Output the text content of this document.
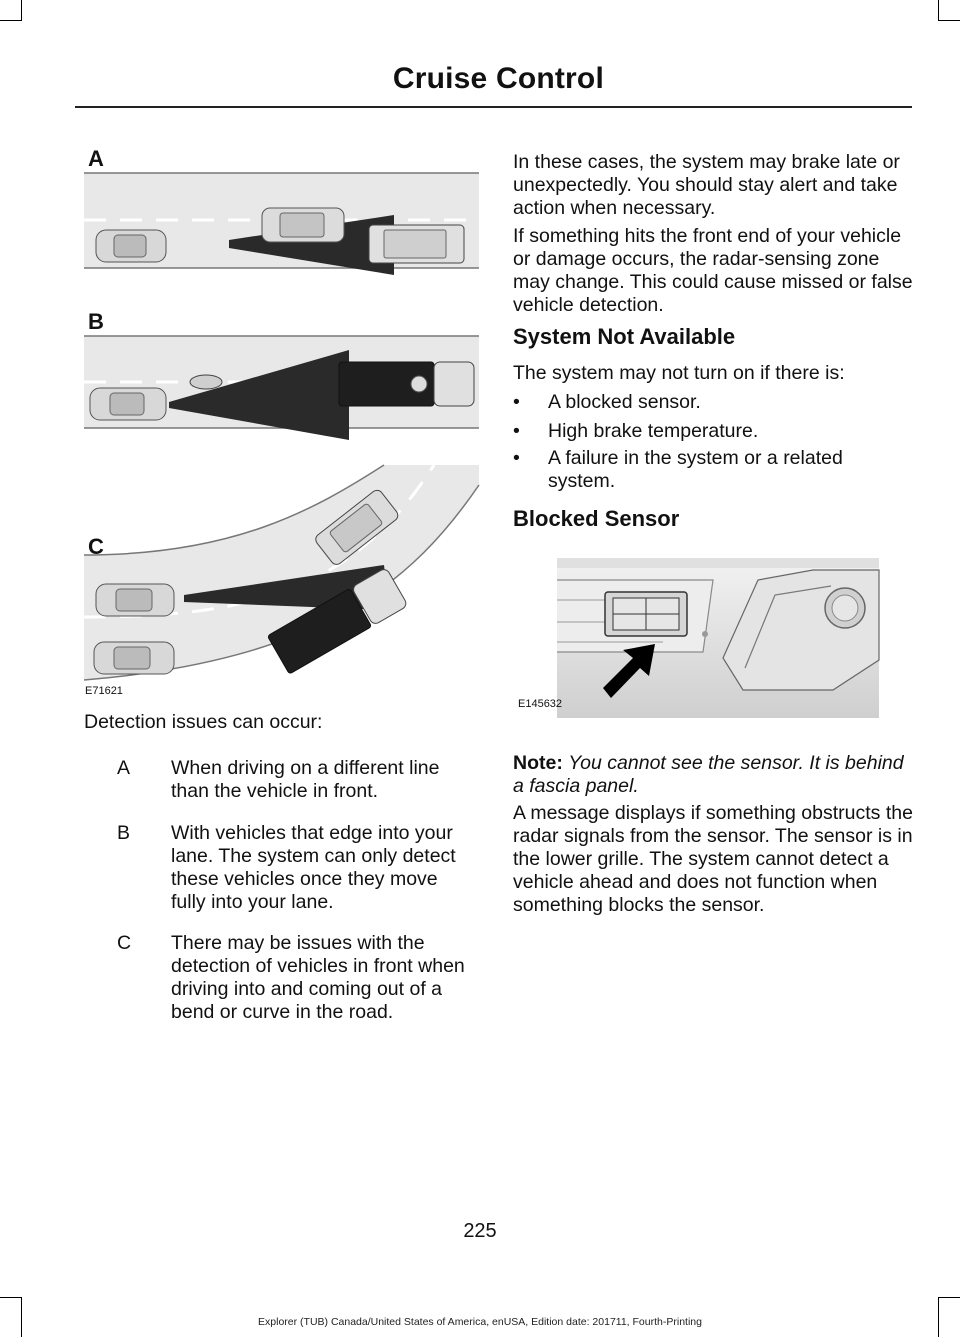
Cruise Control
A
B
C
E71621

Detection issues can occur:

A When driving on a different line than the vehicle in front.
B With vehicles that edge into your lane. The system can only detect these vehicles once they move fully into your lane.
C There may be issues with the detection of vehicles in front when driving into and coming out of a bend or curve in the road.

In these cases, the system may brake late or unexpectedly. You should stay alert and take action when necessary.

If something hits the front end of your vehicle or damage occurs, the radar-sensing zone may change. This could cause missed or false vehicle detection.

System Not Available

The system may not turn on if there is:

• A blocked sensor.
• High brake temperature.
• A failure in the system or a related system.
Blocked Sensor
E145632

Note: You cannot see the sensor. It is behind a fascia panel.

A message displays if something obstructs the radar signals from the sensor. The sensor is in the lower grille. The system cannot detect a vehicle ahead and does not function when something blocks the sensor.

225
Explorer (TUB) Canada/United States of America, enUSA, Edition date: 201711, Fourth-Printing
